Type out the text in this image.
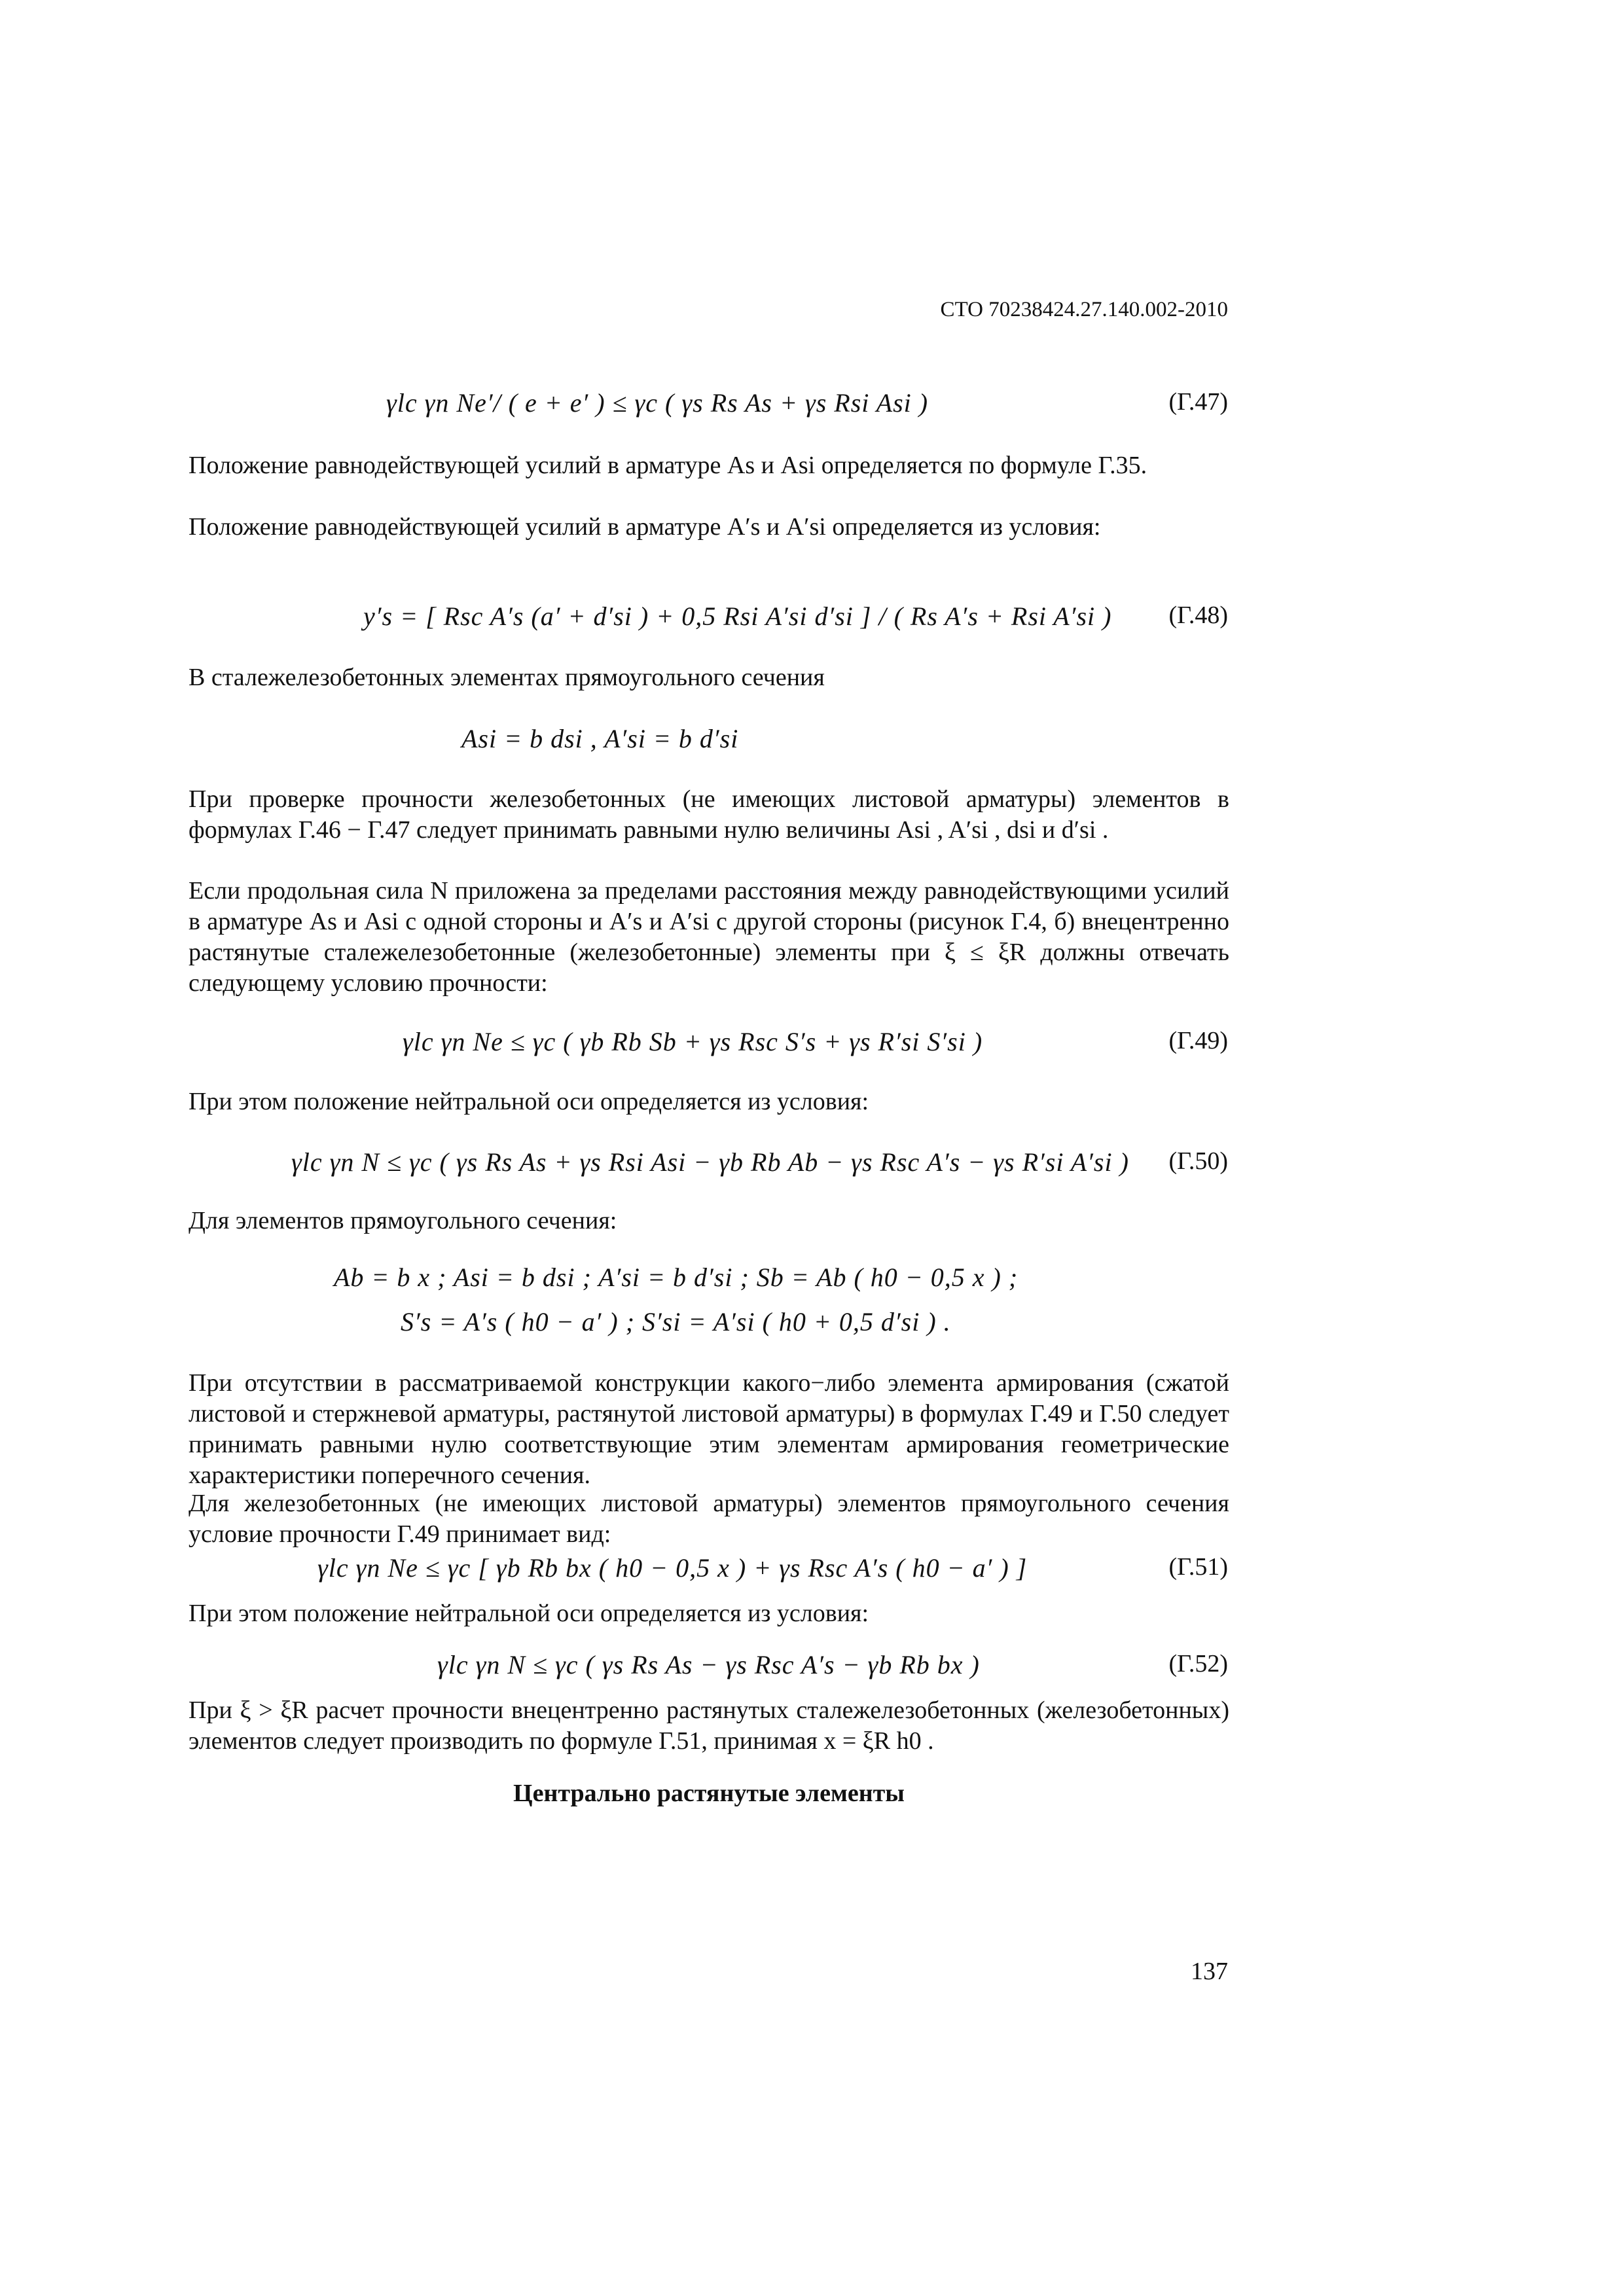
СТО 70238424.27.140.002-2010
γlc γn Ne′/ ( e + e′ ) ≤ γc ( γs Rs As + γs Rsi Asi )	(Г.47)
Положение равнодействующей усилий в арматуре As и Asi определяется по формуле Г.35.
Положение равнодействующей усилий в арматуре A′s и A′si определяется из условия:
y′s = [ Rsc A′s (a′ + d′si ) + 0,5 Rsi A′si d′si ] / ( Rs A′s + Rsi A′si ) (Г.48)
В сталежелезобетонных элементах прямоугольного сечения
Asi = b dsi , A′si = b d′si
При проверке прочности железобетонных (не имеющих листовой арматуры) элементов в формулах Г.46 − Г.47 следует принимать равными нулю величины Asi , A′si , dsi и d′si .
Если продольная сила N приложена за пределами расстояния между равнодействующими усилий в арматуре As и Asi с одной стороны и A′s и A′si с другой стороны (рисунок Г.4, б) внецентренно растянутые сталежелезобетонные (железобетонные) элементы при ξ ≤ ξR должны отвечать следующему условию прочности:
γlc γn Ne ≤ γc ( γb Rb Sb + γs Rsc S′s + γs R′si S′si )	(Г.49)
При этом положение нейтральной оси определяется из условия:
γlc γn N ≤ γc ( γs Rs As + γs Rsi Asi − γb Rb Ab − γs Rsc A′s − γs R′si A′si ) (Г.50)
Для элементов прямоугольного сечения:
Ab = b x ; Asi = b dsi ; A′si = b d′si ; Sb = Ab ( h0 − 0,5 x ) ;
S′s = A′s ( h0 − a′ ) ; S′si = A′si ( h0 + 0,5 d′si ) .
При отсутствии в рассматриваемой конструкции какого−либо элемента армирования (сжатой листовой и стержневой арматуры, растянутой листовой арматуры) в формулах Г.49 и Г.50 следует принимать равными нулю соответствующие этим элементам армирования геометрические характеристики поперечного сечения.
Для железобетонных (не имеющих листовой арматуры) элементов прямоугольного сечения условие прочности Г.49 принимает вид:
γlc γn Ne ≤ γc [ γb Rb bx ( h0 − 0,5 x ) + γs Rsc A′s ( h0 − a′ ) ]	(Г.51)
При этом положение нейтральной оси определяется из условия:
γlc γn N ≤ γc ( γs Rs As − γs Rsc A′s − γb Rb bx )	(Г.52)
При ξ > ξR расчет прочности внецентренно растянутых сталежелезобетонных (железобетонных) элементов следует производить по формуле Г.51, принимая x = ξR h0 .
Центрально растянутые элементы
137
